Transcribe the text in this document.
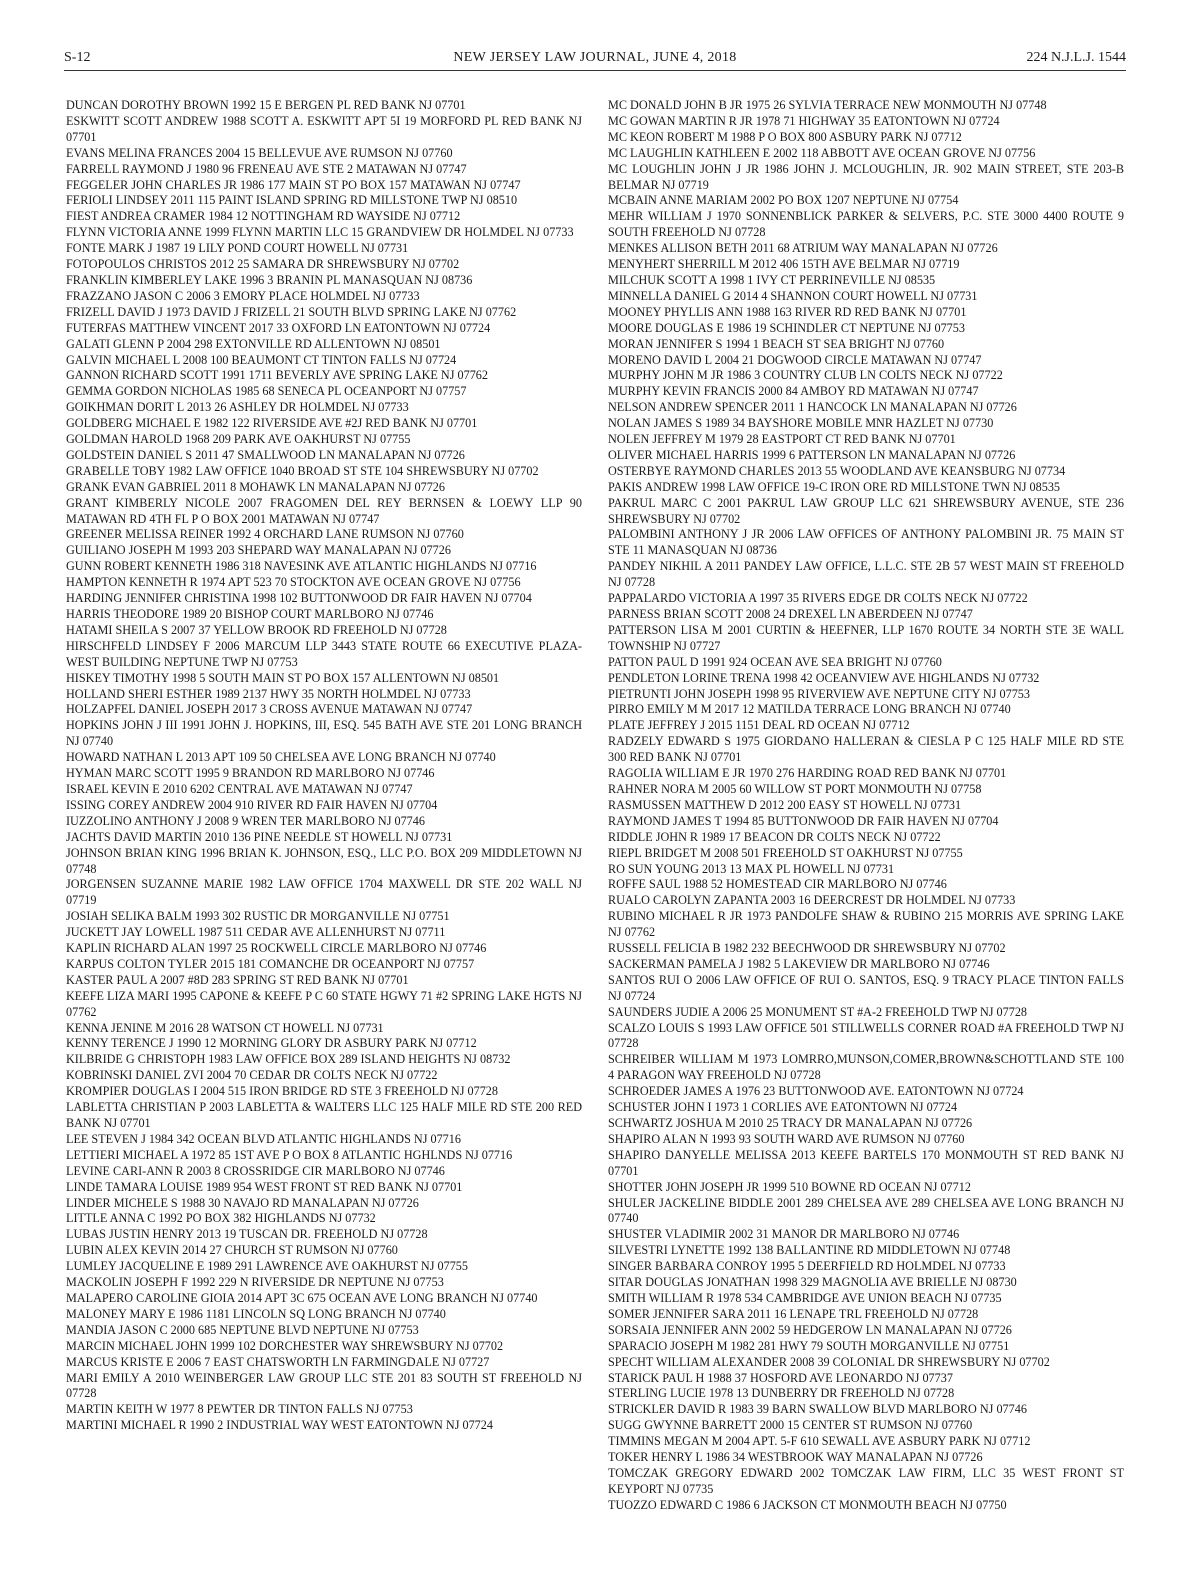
S-12	NEW JERSEY LAW JOURNAL, JUNE 4, 2018	224 N.J.L.J. 1544

DUNCAN DOROTHY BROWN 1992 15 E BERGEN PL RED BANK NJ 07701

ESKWITT SCOTT ANDREW 1988 SCOTT A. ESKWITT APT 5I 19 MORFORD PL RED BANK NJ 07701

EVANS MELINA FRANCES 2004 15 BELLEVUE AVE RUMSON NJ 07760

FARRELL RAYMOND J 1980 96 FRENEAU AVE STE 2 MATAWAN NJ 07747

FEGGELER JOHN CHARLES JR 1986 177 MAIN ST PO BOX 157 MATAWAN NJ 07747

FERIOLI LINDSEY 2011 115 PAINT ISLAND SPRING RD MILLSTONE TWP NJ 08510

FIEST ANDREA CRAMER 1984 12 NOTTINGHAM RD WAYSIDE NJ 07712

FLYNN VICTORIA ANNE 1999 FLYNN MARTIN LLC 15 GRANDVIEW DR HOLMDEL NJ 07733

FONTE MARK J 1987 19 LILY POND COURT HOWELL NJ 07731

FOTOPOULOS CHRISTOS 2012 25 SAMARA DR SHREWSBURY NJ 07702

FRANKLIN KIMBERLEY LAKE 1996 3 BRANIN PL MANASQUAN NJ 08736

FRAZZANO JASON C 2006 3 EMORY PLACE HOLMDEL NJ 07733

FRIZELL DAVID J 1973 DAVID J FRIZELL 21 SOUTH BLVD SPRING LAKE NJ 07762

FUTERFAS MATTHEW VINCENT 2017 33 OXFORD LN EATONTOWN NJ 07724

GALATI GLENN P 2004 298 EXTONVILLE RD ALLENTOWN NJ 08501

GALVIN MICHAEL L 2008 100 BEAUMONT CT TINTON FALLS NJ 07724

GANNON RICHARD SCOTT 1991 1711 BEVERLY AVE SPRING LAKE NJ 07762

GEMMA GORDON NICHOLAS 1985 68 SENECA PL OCEANPORT NJ 07757

GOIKHMAN DORIT L 2013 26 ASHLEY DR HOLMDEL NJ 07733

GOLDBERG MICHAEL E 1982 122 RIVERSIDE AVE #2J RED BANK NJ 07701

GOLDMAN HAROLD 1968 209 PARK AVE OAKHURST NJ 07755

GOLDSTEIN DANIEL S 2011 47 SMALLWOOD LN MANALAPAN NJ 07726

GRABELLE TOBY 1982 LAW OFFICE 1040 BROAD ST STE 104 SHREWSBURY NJ 07702

GRANK EVAN GABRIEL 2011 8 MOHAWK LN MANALAPAN NJ 07726

GRANT KIMBERLY NICOLE 2007 FRAGOMEN DEL REY BERNSEN & LOEWY LLP 90 MATAWAN RD 4TH FL P O BOX 2001 MATAWAN NJ 07747

GREENER MELISSA REINER 1992 4 ORCHARD LANE RUMSON NJ 07760

GUILIANO JOSEPH M 1993 203 SHEPARD WAY MANALAPAN NJ 07726

GUNN ROBERT KENNETH 1986 318 NAVESINK AVE ATLANTIC HIGHLANDS NJ 07716

HAMPTON KENNETH R 1974 APT 523 70 STOCKTON AVE OCEAN GROVE NJ 07756

HARDING JENNIFER CHRISTINA 1998 102 BUTTONWOOD DR FAIR HAVEN NJ 07704

HARRIS THEODORE 1989 20 BISHOP COURT MARLBORO NJ 07746

HATAMI SHEILA S 2007 37 YELLOW BROOK RD FREEHOLD NJ 07728

HIRSCHFELD LINDSEY F 2006 MARCUM LLP 3443 STATE ROUTE 66 EXECUTIVE PLAZA-WEST BUILDING NEPTUNE TWP NJ 07753

HISKEY TIMOTHY 1998 5 SOUTH MAIN ST PO BOX 157 ALLENTOWN NJ 08501

HOLLAND SHERI ESTHER 1989 2137 HWY 35 NORTH HOLMDEL NJ 07733

HOLZAPFEL DANIEL JOSEPH 2017 3 CROSS AVENUE MATAWAN NJ 07747

HOPKINS JOHN J III 1991 JOHN J. HOPKINS, III, ESQ. 545 BATH AVE STE 201 LONG BRANCH NJ 07740

HOWARD NATHAN L 2013 APT 109 50 CHELSEA AVE LONG BRANCH NJ 07740

HYMAN MARC SCOTT 1995 9 BRANDON RD MARLBORO NJ 07746

ISRAEL KEVIN E 2010 6202 CENTRAL AVE MATAWAN NJ 07747

ISSING COREY ANDREW 2004 910 RIVER RD FAIR HAVEN NJ 07704

IUZZOLINO ANTHONY J 2008 9 WREN TER MARLBORO NJ 07746

JACHTS DAVID MARTIN 2010 136 PINE NEEDLE ST HOWELL NJ 07731

JOHNSON BRIAN KING 1996 BRIAN K. JOHNSON, ESQ., LLC P.O. BOX 209 MIDDLETOWN NJ 07748

JORGENSEN SUZANNE MARIE 1982 LAW OFFICE 1704 MAXWELL DR STE 202 WALL NJ 07719

JOSIAH SELIKA BALM 1993 302 RUSTIC DR MORGANVILLE NJ 07751

JUCKETT JAY LOWELL 1987 511 CEDAR AVE ALLENHURST NJ 07711

KAPLIN RICHARD ALAN 1997 25 ROCKWELL CIRCLE MARLBORO NJ 07746

KARPUS COLTON TYLER 2015 181 COMANCHE DR OCEANPORT NJ 07757

KASTER PAUL A 2007 #8D 283 SPRING ST RED BANK NJ 07701

KEEFE LIZA MARI 1995 CAPONE & KEEFE P C 60 STATE HGWY 71 #2 SPRING LAKE HGTS NJ 07762

KENNA JENINE M 2016 28 WATSON CT HOWELL NJ 07731

KENNY TERENCE J 1990 12 MORNING GLORY DR ASBURY PARK NJ 07712

KILBRIDE G CHRISTOPH 1983 LAW OFFICE BOX 289 ISLAND HEIGHTS NJ 08732

KOBRINSKI DANIEL ZVI 2004 70 CEDAR DR COLTS NECK NJ 07722

KROMPIER DOUGLAS I 2004 515 IRON BRIDGE RD STE 3 FREEHOLD NJ 07728

LABLETTA CHRISTIAN P 2003 LABLETTA & WALTERS LLC 125 HALF MILE RD STE 200 RED BANK NJ 07701

LEE STEVEN J 1984 342 OCEAN BLVD ATLANTIC HIGHLANDS NJ 07716

LETTIERI MICHAEL A 1972 85 1ST AVE P O BOX 8 ATLANTIC HGHLNDS NJ 07716

LEVINE CARI-ANN R 2003 8 CROSSRIDGE CIR MARLBORO NJ 07746

LINDE TAMARA LOUISE 1989 954 WEST FRONT ST RED BANK NJ 07701

LINDER MICHELE S 1988 30 NAVAJO RD MANALAPAN NJ 07726

LITTLE ANNA C 1992 PO BOX 382 HIGHLANDS NJ 07732

LUBAS JUSTIN HENRY 2013 19 TUSCAN DR. FREEHOLD NJ 07728

LUBIN ALEX KEVIN 2014 27 CHURCH ST RUMSON NJ 07760

LUMLEY JACQUELINE E 1989 291 LAWRENCE AVE OAKHURST NJ 07755

MACKOLIN JOSEPH F 1992 229 N RIVERSIDE DR NEPTUNE NJ 07753

MALAPERO CAROLINE GIOIA 2014 APT 3C 675 OCEAN AVE LONG BRANCH NJ 07740

MALONEY MARY E 1986 1181 LINCOLN SQ LONG BRANCH NJ 07740

MANDIA JASON C 2000 685 NEPTUNE BLVD NEPTUNE NJ 07753

MARCIN MICHAEL JOHN 1999 102 DORCHESTER WAY SHREWSBURY NJ 07702

MARCUS KRISTE E 2006 7 EAST CHATSWORTH LN FARMINGDALE NJ 07727

MARI EMILY A 2010 WEINBERGER LAW GROUP LLC STE 201 83 SOUTH ST FREEHOLD NJ 07728

MARTIN KEITH W 1977 8 PEWTER DR TINTON FALLS NJ 07753

MARTINI MICHAEL R 1990 2 INDUSTRIAL WAY WEST EATONTOWN NJ 07724

MC DONALD JOHN B JR 1975 26 SYLVIA TERRACE NEW MONMOUTH NJ 07748

MC GOWAN MARTIN R JR 1978 71 HIGHWAY 35 EATONTOWN NJ 07724

MC KEON ROBERT M 1988 P O BOX 800 ASBURY PARK NJ 07712

MC LAUGHLIN KATHLEEN E 2002 118 ABBOTT AVE OCEAN GROVE NJ 07756

MC LOUGHLIN JOHN J JR 1986 JOHN J. MCLOUGHLIN, JR. 902 MAIN STREET, STE 203-B BELMAR NJ 07719

MCBAIN ANNE MARIAM 2002 PO BOX 1207 NEPTUNE NJ 07754

MEHR WILLIAM J 1970 SONNENBLICK PARKER & SELVERS, P.C. STE 3000 4400 ROUTE 9 SOUTH FREEHOLD NJ 07728

MENKES ALLISON BETH 2011 68 ATRIUM WAY MANALAPAN NJ 07726

MENYHERT SHERRILL M 2012 406 15TH AVE BELMAR NJ 07719

MILCHUK SCOTT A 1998 1 IVY CT PERRINEVILLE NJ 08535

MINNELLA DANIEL G 2014 4 SHANNON COURT HOWELL NJ 07731

MOONEY PHYLLIS ANN 1988 163 RIVER RD RED BANK NJ 07701

MOORE DOUGLAS E 1986 19 SCHINDLER CT NEPTUNE NJ 07753

MORAN JENNIFER S 1994 1 BEACH ST SEA BRIGHT NJ 07760

MORENO DAVID L 2004 21 DOGWOOD CIRCLE MATAWAN NJ 07747

MURPHY JOHN M JR 1986 3 COUNTRY CLUB LN COLTS NECK NJ 07722

MURPHY KEVIN FRANCIS 2000 84 AMBOY RD MATAWAN NJ 07747

NELSON ANDREW SPENCER 2011 1 HANCOCK LN MANALAPAN NJ 07726

NOLAN JAMES S 1989 34 BAYSHORE MOBILE MNR HAZLET NJ 07730

NOLEN JEFFREY M 1979 28 EASTPORT CT RED BANK NJ 07701

OLIVER MICHAEL HARRIS 1999 6 PATTERSON LN MANALAPAN NJ 07726

OSTERBYE RAYMOND CHARLES 2013 55 WOODLAND AVE KEANSBURG NJ 07734

PAKIS ANDREW 1998 LAW OFFICE 19-C IRON ORE RD MILLSTONE TWN NJ 08535

PAKRUL MARC C 2001 PAKRUL LAW GROUP LLC 621 SHREWSBURY AVENUE, STE 236 SHREWSBURY NJ 07702

PALOMBINI ANTHONY J JR 2006 LAW OFFICES OF ANTHONY PALOMBINI JR. 75 MAIN ST STE 11 MANASQUAN NJ 08736

PANDEY NIKHIL A 2011 PANDEY LAW OFFICE, L.L.C. STE 2B 57 WEST MAIN ST FREEHOLD NJ 07728

PAPPALARDO VICTORIA A 1997 35 RIVERS EDGE DR COLTS NECK NJ 07722

PARNESS BRIAN SCOTT 2008 24 DREXEL LN ABERDEEN NJ 07747

PATTERSON LISA M 2001 CURTIN & HEEFNER, LLP 1670 ROUTE 34 NORTH STE 3E WALL TOWNSHIP NJ 07727

PATTON PAUL D 1991 924 OCEAN AVE SEA BRIGHT NJ 07760

PENDLETON LORINE TRENA 1998 42 OCEANVIEW AVE HIGHLANDS NJ 07732

PIETRUNTI JOHN JOSEPH 1998 95 RIVERVIEW AVE NEPTUNE CITY NJ 07753

PIRRO EMILY M M 2017 12 MATILDA TERRACE LONG BRANCH NJ 07740

PLATE JEFFREY J 2015 1151 DEAL RD OCEAN NJ 07712

RADZELY EDWARD S 1975 GIORDANO HALLERAN & CIESLA P C 125 HALF MILE RD STE 300 RED BANK NJ 07701

RAGOLIA WILLIAM E JR 1970 276 HARDING ROAD RED BANK NJ 07701

RAHNER NORA M 2005 60 WILLOW ST PORT MONMOUTH NJ 07758

RASMUSSEN MATTHEW D 2012 200 EASY ST HOWELL NJ 07731

RAYMOND JAMES T 1994 85 BUTTONWOOD DR FAIR HAVEN NJ 07704

RIDDLE JOHN R 1989 17 BEACON DR COLTS NECK NJ 07722

RIEPL BRIDGET M 2008 501 FREEHOLD ST OAKHURST NJ 07755

RO SUN YOUNG 2013 13 MAX PL HOWELL NJ 07731

ROFFE SAUL 1988 52 HOMESTEAD CIR MARLBORO NJ 07746

RUALO CAROLYN ZAPANTA 2003 16 DEERCREST DR HOLMDEL NJ 07733

RUBINO MICHAEL R JR 1973 PANDOLFE SHAW & RUBINO 215 MORRIS AVE SPRING LAKE NJ 07762

RUSSELL FELICIA B 1982 232 BEECHWOOD DR SHREWSBURY NJ 07702

SACKERMAN PAMELA J 1982 5 LAKEVIEW DR MARLBORO NJ 07746

SANTOS RUI O 2006 LAW OFFICE OF RUI O. SANTOS, ESQ. 9 TRACY PLACE TINTON FALLS NJ 07724

SAUNDERS JUDIE A 2006 25 MONUMENT ST #A-2 FREEHOLD TWP NJ 07728

SCALZO LOUIS S 1993 LAW OFFICE 501 STILLWELLS CORNER ROAD #A FREEHOLD TWP NJ 07728

SCHREIBER WILLIAM M 1973 LOMRRO,MUNSON,COMER,BROWN&SCHOTTLAND STE 100 4 PARAGON WAY FREEHOLD NJ 07728

SCHROEDER JAMES A 1976 23 BUTTONWOOD AVE. EATONTOWN NJ 07724

SCHUSTER JOHN I 1973 1 CORLIES AVE EATONTOWN NJ 07724

SCHWARTZ JOSHUA M 2010 25 TRACY DR MANALAPAN NJ 07726

SHAPIRO ALAN N 1993 93 SOUTH WARD AVE RUMSON NJ 07760

SHAPIRO DANYELLE MELISSA 2013 KEEFE BARTELS 170 MONMOUTH ST RED BANK NJ 07701

SHOTTER JOHN JOSEPH JR 1999 510 BOWNE RD OCEAN NJ 07712

SHULER JACKELINE BIDDLE 2001 289 CHELSEA AVE 289 CHELSEA AVE LONG BRANCH NJ 07740

SHUSTER VLADIMIR 2002 31 MANOR DR MARLBORO NJ 07746

SILVESTRI LYNETTE 1992 138 BALLANTINE RD MIDDLETOWN NJ 07748

SINGER BARBARA CONROY 1995 5 DEERFIELD RD HOLMDEL NJ 07733

SITAR DOUGLAS JONATHAN 1998 329 MAGNOLIA AVE BRIELLE NJ 08730

SMITH WILLIAM R 1978 534 CAMBRIDGE AVE UNION BEACH NJ 07735

SOMER JENNIFER SARA 2011 16 LENAPE TRL FREEHOLD NJ 07728

SORSAIA JENNIFER ANN 2002 59 HEDGEROW LN MANALAPAN NJ 07726

SPARACIO JOSEPH M 1982 281 HWY 79 SOUTH MORGANVILLE NJ 07751

SPECHT WILLIAM ALEXANDER 2008 39 COLONIAL DR SHREWSBURY NJ 07702

STARICK PAUL H 1988 37 HOSFORD AVE LEONARDO NJ 07737

STERLING LUCIE 1978 13 DUNBERRY DR FREEHOLD NJ 07728

STRICKLER DAVID R 1983 39 BARN SWALLOW BLVD MARLBORO NJ 07746

SUGG GWYNNE BARRETT 2000 15 CENTER ST RUMSON NJ 07760

TIMMINS MEGAN M 2004 APT. 5-F 610 SEWALL AVE ASBURY PARK NJ 07712

TOKER HENRY L 1986 34 WESTBROOK WAY MANALAPAN NJ 07726

TOMCZAK GREGORY EDWARD 2002 TOMCZAK LAW FIRM, LLC 35 WEST FRONT ST KEYPORT NJ 07735

TUOZZO EDWARD C 1986 6 JACKSON CT MONMOUTH BEACH NJ 07750
